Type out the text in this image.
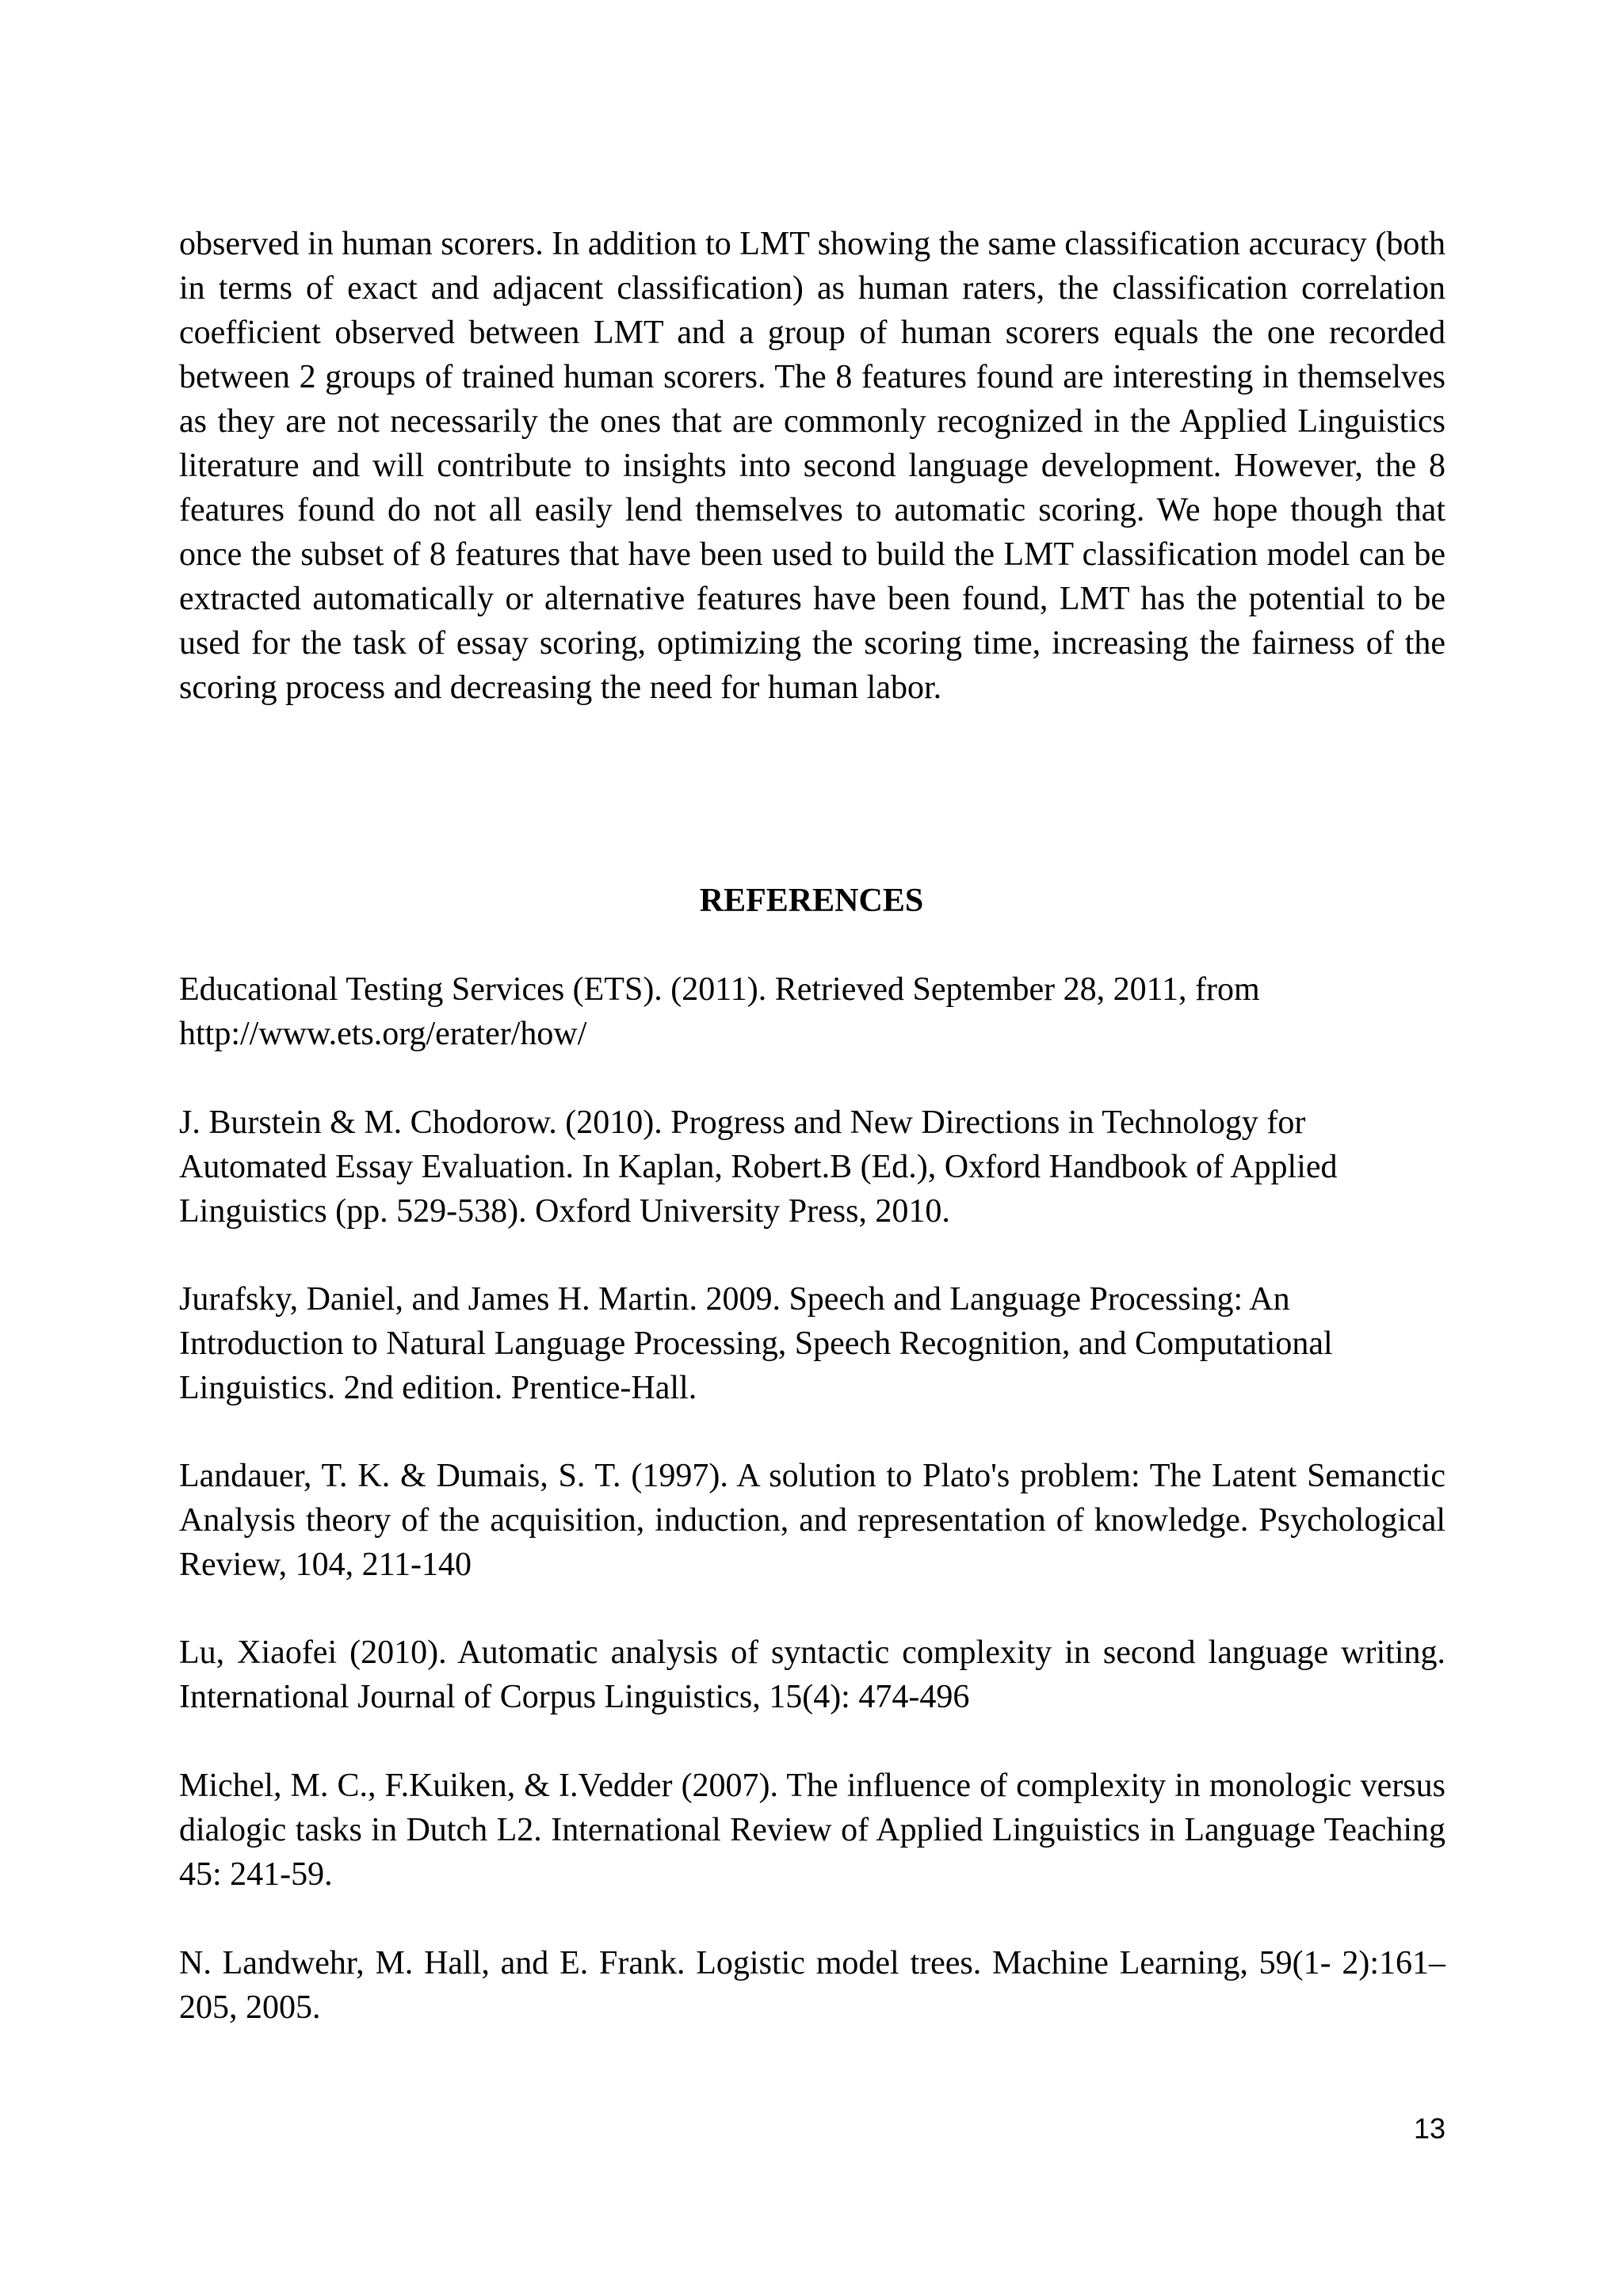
observed in human scorers. In addition to LMT showing the same classification accuracy (both in terms of exact and adjacent classification) as human raters, the classification correlation coefficient observed between LMT and a group of human scorers equals the one recorded between 2 groups of trained human scorers. The 8 features found are interesting in themselves as they are not necessarily the ones that are commonly recognized in the Applied Linguistics literature and will contribute to insights into second language development. However, the 8 features found do not all easily lend themselves to automatic scoring. We hope though that once the subset of 8 features that have been used to build the LMT classification model can be extracted automatically or alternative features have been found, LMT has the potential to be used for the task of essay scoring, optimizing the scoring time, increasing the fairness of the scoring process and decreasing the need for human labor.

REFERENCES

Educational Testing Services (ETS). (2011). Retrieved September 28, 2011, from http://www.ets.org/erater/how/

J. Burstein & M. Chodorow. (2010). Progress and New Directions in Technology for Automated Essay Evaluation. In Kaplan, Robert.B (Ed.), Oxford Handbook of Applied Linguistics (pp. 529-538). Oxford University Press, 2010.

Jurafsky, Daniel, and James H. Martin. 2009. Speech and Language Processing: An Introduction to Natural Language Processing, Speech Recognition, and Computational Linguistics. 2nd edition. Prentice-Hall.

Landauer, T. K. & Dumais, S. T. (1997). A solution to Plato's problem: The Latent Semanctic Analysis theory of the acquisition, induction, and representation of knowledge. Psychological Review, 104, 211-140

Lu, Xiaofei (2010). Automatic analysis of syntactic complexity in second language writing. International Journal of Corpus Linguistics, 15(4): 474-496

Michel, M. C., F.Kuiken, & I.Vedder (2007). The influence of complexity in monologic versus dialogic tasks in Dutch L2. International Review of Applied Linguistics in Language Teaching 45: 241-59.

N. Landwehr, M. Hall, and E. Frank. Logistic model trees. Machine Learning, 59(1- 2):161–205, 2005.

13
